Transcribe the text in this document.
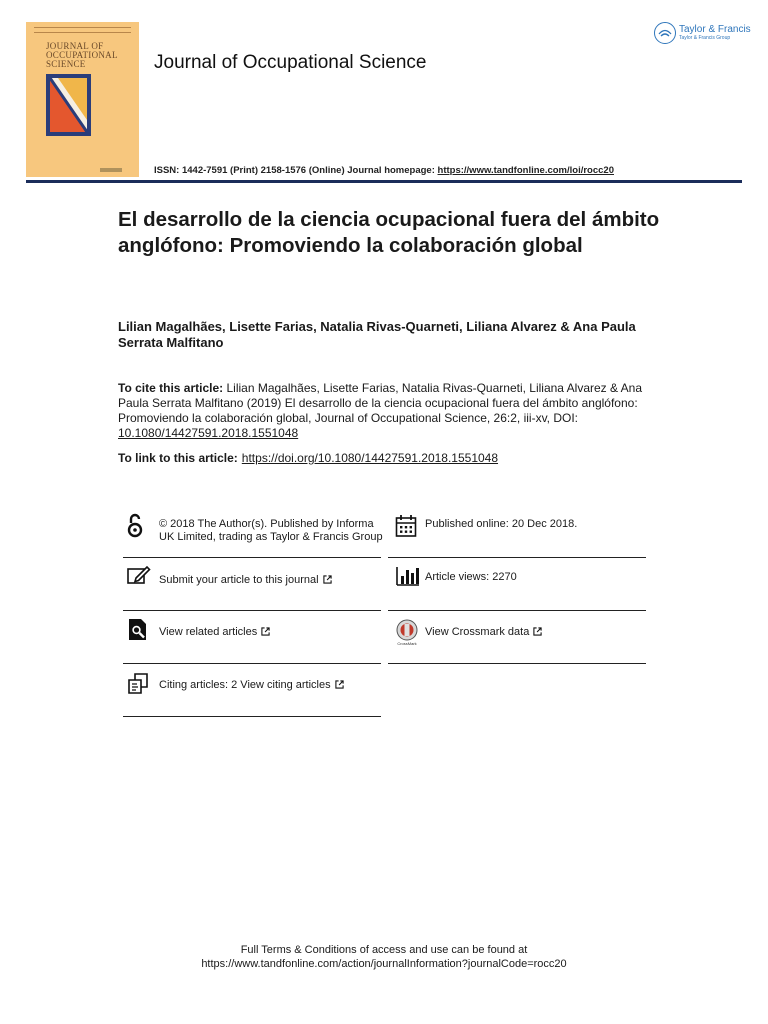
JOURNAL OF
OCCUPATIONAL
SCIENCE	Journal of Occupational Science
Taylor & Francis
Taylor & Francis Group
ISSN: 1442-7591 (Print) 2158-1576 (Online) Journal homepage: https://www.tandfonline.com/loi/rocc20
El desarrollo de la ciencia ocupacional fuera del ámbito anglófono: Promoviendo la colaboración global
Lilian Magalhães, Lisette Farias, Natalia Rivas-Quarneti, Liliana Alvarez & Ana Paula Serrata Malfitano
To cite this article: Lilian Magalhães, Lisette Farias, Natalia Rivas-Quarneti, Liliana Alvarez & Ana Paula Serrata Malfitano (2019) El desarrollo de la ciencia ocupacional fuera del ámbito anglófono: Promoviendo la colaboración global, Journal of Occupational Science, 26:2, iii-xv, DOI: 10.1080/14427591.2018.1551048
To link to this article: https://doi.org/10.1080/14427591.2018.1551048
© 2018 The Author(s). Published by Informa UK Limited, trading as Taylor & Francis Group
Published online: 20 Dec 2018.
Submit your article to this journal	Article views: 2270
View related articles
CrossMark
View Crossmark data
Citing articles: 2 View citing articles
Full Terms & Conditions of access and use can be found at
https://www.tandfonline.com/action/journalInformation?journalCode=rocc20
